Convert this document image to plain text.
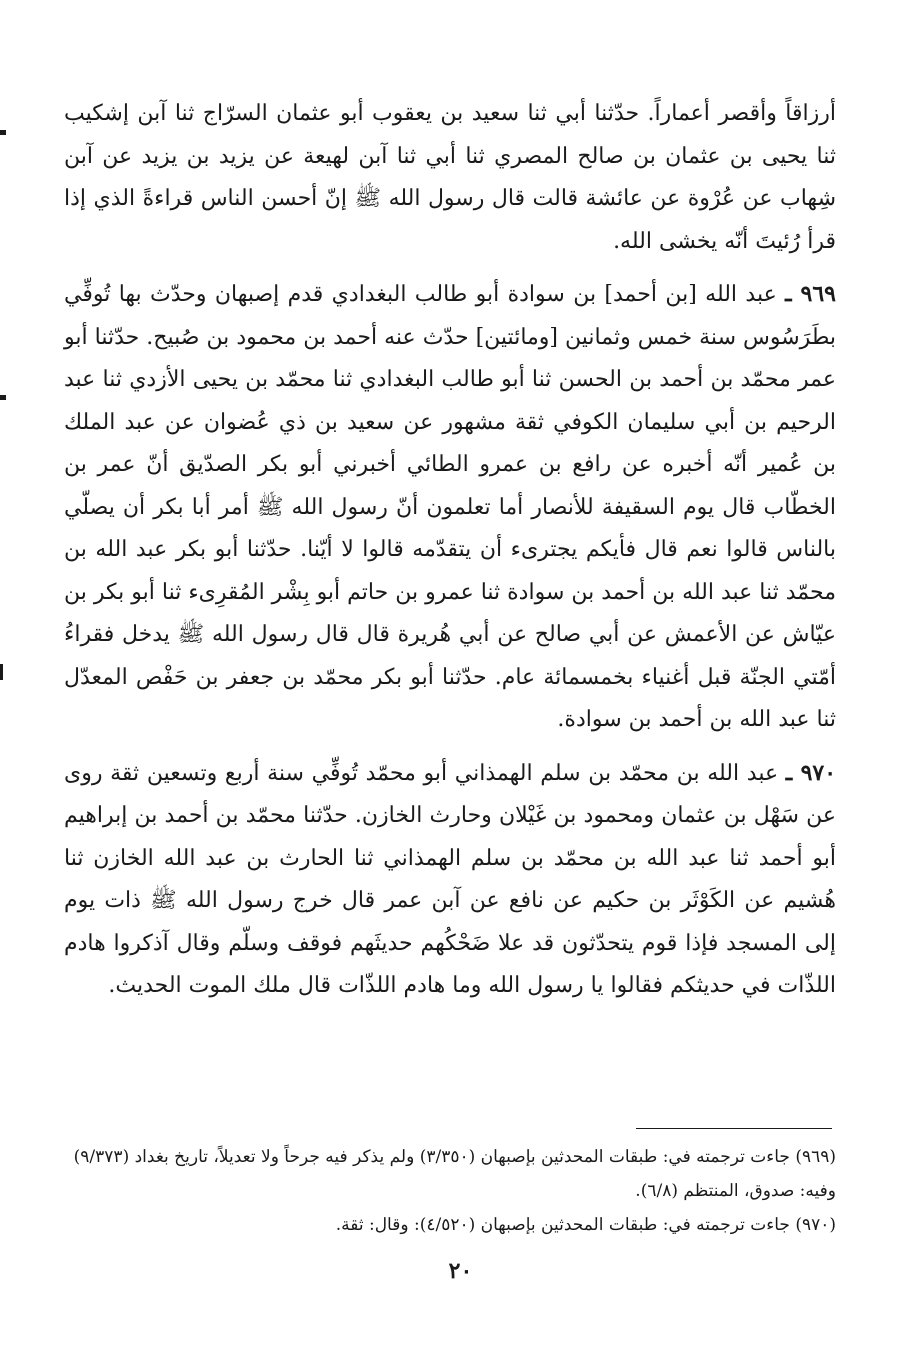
أرزاقاً وأقصر أعماراً. حدّثنا أبي ثنا سعيد بن يعقوب أبو عثمان السرّاج ثنا آبن إشكيب ثنا يحيى بن عثمان بن صالح المصري ثنا أبي ثنا آبن لهيعة عن يزيد بن يزيد عن آبن شِهاب عن عُرْوة عن عائشة قالت قال رسول الله ﷺ إنّ أحسن الناس قراءةً الذي إذا قرأ رُئيتَ أنّه يخشى الله.

٩٦٩ ـ عبد الله [بن أحمد] بن سوادة أبو طالب البغدادي قدم إصبهان وحدّث بها تُوفِّي بطَرَسُوس سنة خمس وثمانين [ومائتين] حدّث عنه أحمد بن محمود بن صُبيح. حدّثنا أبو عمر محمّد بن أحمد بن الحسن ثنا أبو طالب البغدادي ثنا محمّد بن يحيى الأزدي ثنا عبد الرحيم بن أبي سليمان الكوفي ثقة مشهور عن سعيد بن ذي عُضوان عن عبد الملك بن عُمير أنّه أخبره عن رافع بن عمرو الطائي أخبرني أبو بكر الصدّيق أنّ عمر بن الخطّاب قال يوم السقيفة للأنصار أما تعلمون أنّ رسول الله ﷺ أمر أبا بكر أن يصلّي بالناس قالوا نعم قال فأيكم يجترىء أن يتقدّمه قالوا لا أيّنا. حدّثنا أبو بكر عبد الله بن محمّد ثنا عبد الله بن أحمد بن سوادة ثنا عمرو بن حاتم أبو بِشْر المُقرِىء ثنا أبو بكر بن عيّاش عن الأعمش عن أبي صالح عن أبي هُريرة قال قال رسول الله ﷺ يدخل فقراءُ أمّتي الجنّة قبل أغنياء بخمسمائة عام. حدّثنا أبو بكر محمّد بن جعفر بن حَفْص المعدّل ثنا عبد الله بن أحمد بن سوادة.

٩٧٠ ـ عبد الله بن محمّد بن سلم الهمذاني أبو محمّد تُوفِّي سنة أربع وتسعين ثقة روى عن سَهْل بن عثمان ومحمود بن غَيْلان وحارث الخازن. حدّثنا محمّد بن أحمد بن إبراهيم أبو أحمد ثنا عبد الله بن محمّد بن سلم الهمذاني ثنا الحارث بن عبد الله الخازن ثنا هُشيم عن الكَوْثَر بن حكيم عن نافع عن آبن عمر قال خرج رسول الله ﷺ ذات يوم إلى المسجد فإذا قوم يتحدّثون قد علا ضَحْكُهم حديثَهم فوقف وسلّم وقال آذكروا هادم اللذّات في حديثكم فقالوا يا رسول الله وما هادم اللذّات قال ملك الموت الحديث.

(٩٦٩) جاءت ترجمته في: طبقات المحدثين بإصبهان (٣/٣٥٠) ولم يذكر فيه جرحاً ولا تعديلاً، تاريخ بغداد (٩/٣٧٣) وفيه: صدوق، المنتظم (٦/٨).

(٩٧٠) جاءت ترجمته في: طبقات المحدثين بإصبهان (٤/٥٢٠): وقال: ثقة.

٢٠
